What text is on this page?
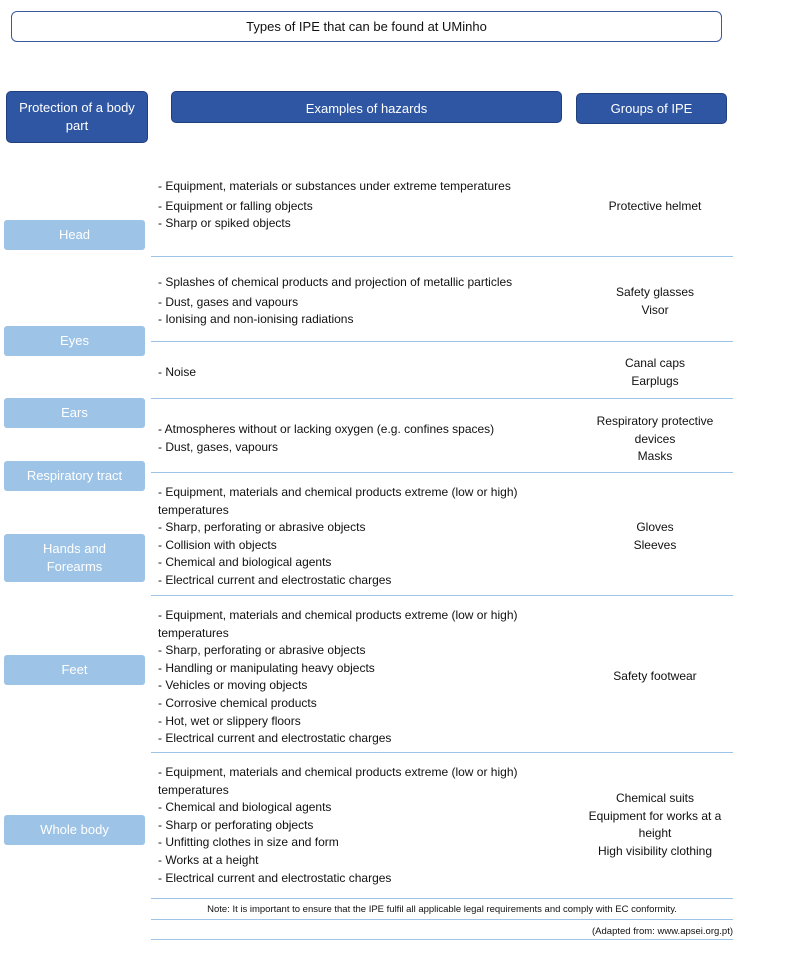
Types of IPE that can be found at UMinho
Protection of a body part
Examples of hazards	Groups of IPE
Head
- Equipment, materials or substances under extreme temperatures
- Equipment or falling objects
- Sharp or spiked objects
Protective helmet
Eyes
- Splashes of chemical products and projection of metallic particles
- Dust, gases and vapours
- Ionising and non-ionising radiations
Safety glasses
Visor
Ears
- Noise
Canal caps
Earplugs
Respiratory tract
- Atmospheres without or lacking oxygen (e.g. confines spaces)
- Dust, gases, vapours
Respiratory protective devices
Masks
Hands and Forearms
- Equipment, materials and chemical products extreme (low or high) temperatures
- Sharp, perforating or abrasive objects
- Collision with objects
- Chemical and biological agents
- Electrical current and electrostatic charges
Gloves
Sleeves
Feet
- Equipment, materials and chemical products extreme (low or high) temperatures
- Sharp, perforating or abrasive objects
- Handling or manipulating heavy objects
- Vehicles or moving objects
- Corrosive chemical products
- Hot, wet or slippery floors
- Electrical current and electrostatic charges
Safety footwear
Whole body
- Equipment, materials and chemical products extreme (low or high) temperatures
- Chemical and biological agents
- Sharp or perforating objects
- Unfitting clothes in size and form
- Works at a height
- Electrical current and electrostatic charges
Chemical suits
Equipment for works at a height
High visibility clothing
Note: It is important to ensure that the IPE fulfil all applicable legal requirements and comply with EC conformity.
(Adapted from: www.apsei.org.pt)
